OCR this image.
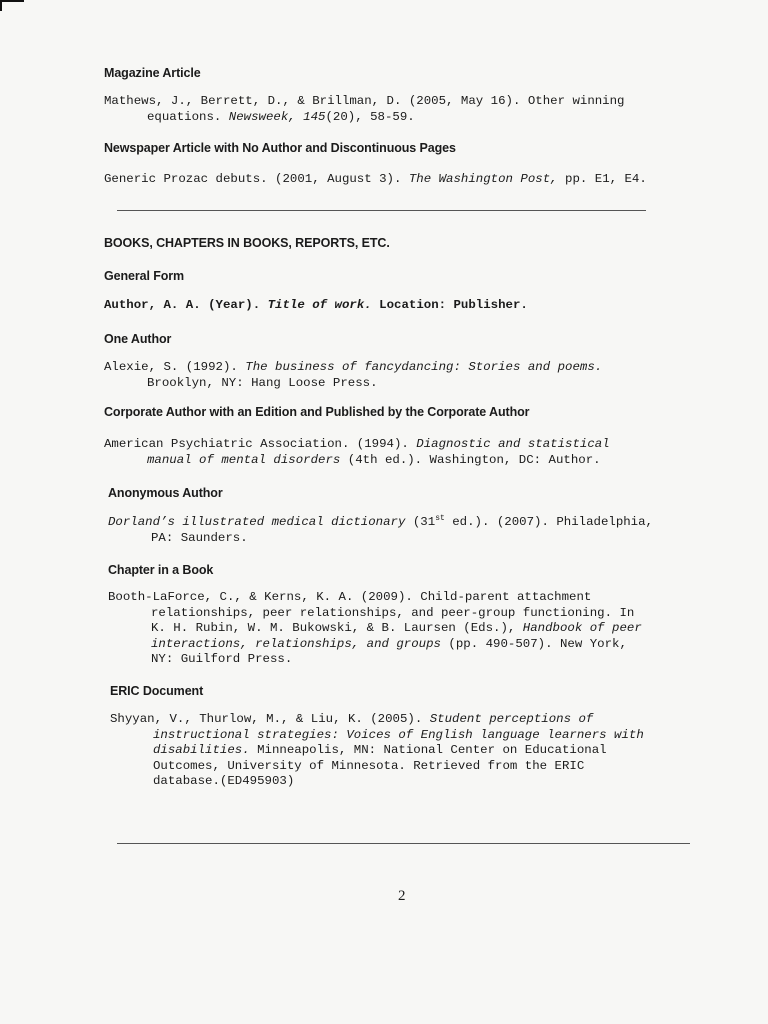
Magazine Article
Mathews, J., Berrett, D., & Brillman, D. (2005, May 16). Other winning
equations. Newsweek, 145(20), 58-59.
Newspaper Article with No Author and Discontinuous Pages
Generic Prozac debuts. (2001, August 3). The Washington Post, pp. E1, E4.
BOOKS, CHAPTERS IN BOOKS, REPORTS, ETC.
General Form
Author, A. A. (Year). Title of work. Location: Publisher.
One Author
Alexie, S. (1992). The business of fancydancing: Stories and poems.
Brooklyn, NY: Hang Loose Press.
Corporate Author with an Edition and Published by the Corporate Author
American Psychiatric Association. (1994). Diagnostic and statistical
manual of mental disorders (4th ed.). Washington, DC: Author.
Anonymous Author
Dorland’s illustrated medical dictionary (31st ed.). (2007). Philadelphia,
PA: Saunders.
Chapter in a Book
Booth-LaForce, C., & Kerns, K. A. (2009). Child-parent attachment
relationships, peer relationships, and peer-group functioning. In
K. H. Rubin, W. M. Bukowski, & B. Laursen (Eds.), Handbook of peer
interactions, relationships, and groups (pp. 490-507). New York,
NY: Guilford Press.
ERIC Document
Shyyan, V., Thurlow, M., & Liu, K. (2005). Student perceptions of
instructional strategies: Voices of English language learners with
disabilities. Minneapolis, MN: National Center on Educational
Outcomes, University of Minnesota. Retrieved from the ERIC
database.(ED495903)
2
